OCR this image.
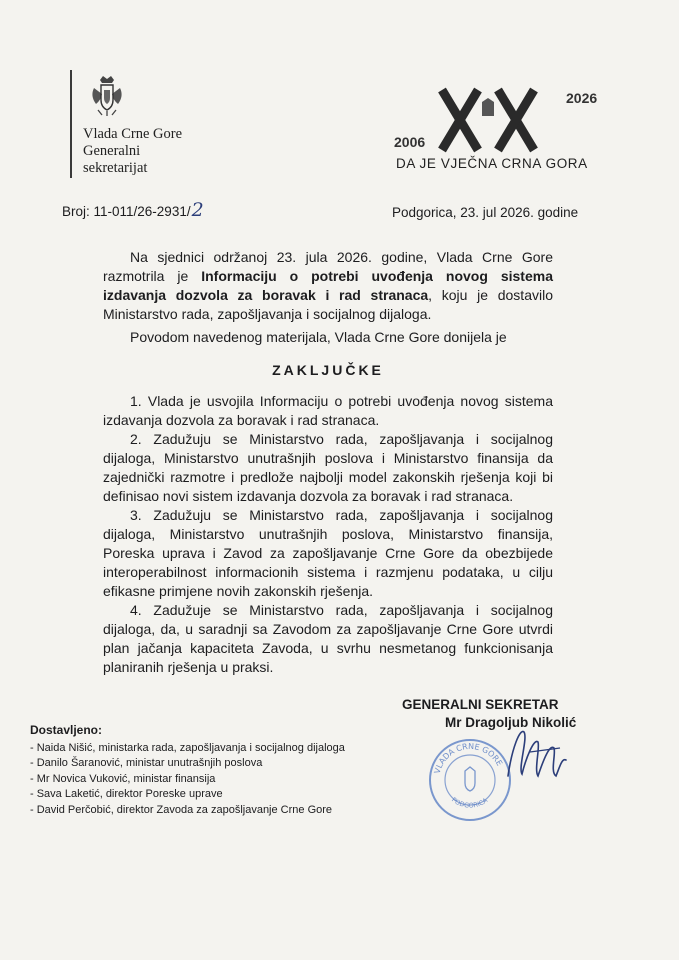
Vlada Crne Gore
Generalni
sekretarijat
2026
2006
DA JE VJEČNA CRNA GORA
Broj: 11-011/26-2931/2	Podgorica, 23. jul 2026. godine

Na sjednici održanoj 23. jula 2026. godine, Vlada Crne Gore razmotrila je Informaciju o potrebi uvođenja novog sistema izdavanja dozvola za boravak i rad stranaca, koju je dostavilo Ministarstvo rada, zapošljavanja i socijalnog dijaloga.

Povodom navedenog materijala, Vlada Crne Gore donijela je

ZAKLJUČKE

1. Vlada je usvojila Informaciju o potrebi uvođenja novog sistema izdavanja dozvola za boravak i rad stranaca.

2. Zadužuju se Ministarstvo rada, zapošljavanja i socijalnog dijaloga, Ministarstvo unutrašnjih poslova i Ministarstvo finansija da zajednički razmotre i predlože najbolji model zakonskih rješenja koji bi definisao novi sistem izdavanja dozvola za boravak i rad stranaca.

3. Zadužuju se Ministarstvo rada, zapošljavanja i socijalnog dijaloga, Ministarstvo unutrašnjih poslova, Ministarstvo finansija, Poreska uprava i Zavod za zapošljavanje Crne Gore da obezbijede interoperabilnost informacionih sistema i razmjenu podataka, u cilju efikasne primjene novih zakonskih rješenja.

4. Zadužuje se Ministarstvo rada, zapošljavanja i socijalnog dijaloga, da, u saradnji sa Zavodom za zapošljavanje Crne Gore utvrdi plan jačanja kapaciteta Zavoda, u svrhu nesmetanog funkcionisanja planiranih rješenja u praksi.

GENERALNI SEKRETAR
Mr Dragoljub Nikolić
VLADA CRNE GORE
PODGORICA
Dostavljeno:
- Naida Nišić, ministarka rada, zapošljavanja i socijalnog dijaloga
- Danilo Šaranović, ministar unutrašnjih poslova
- Mr Novica Vuković, ministar finansija
- Sava Laketić, direktor Poreske uprave
- David Perčobić, direktor Zavoda za zapošljavanje Crne Gore
